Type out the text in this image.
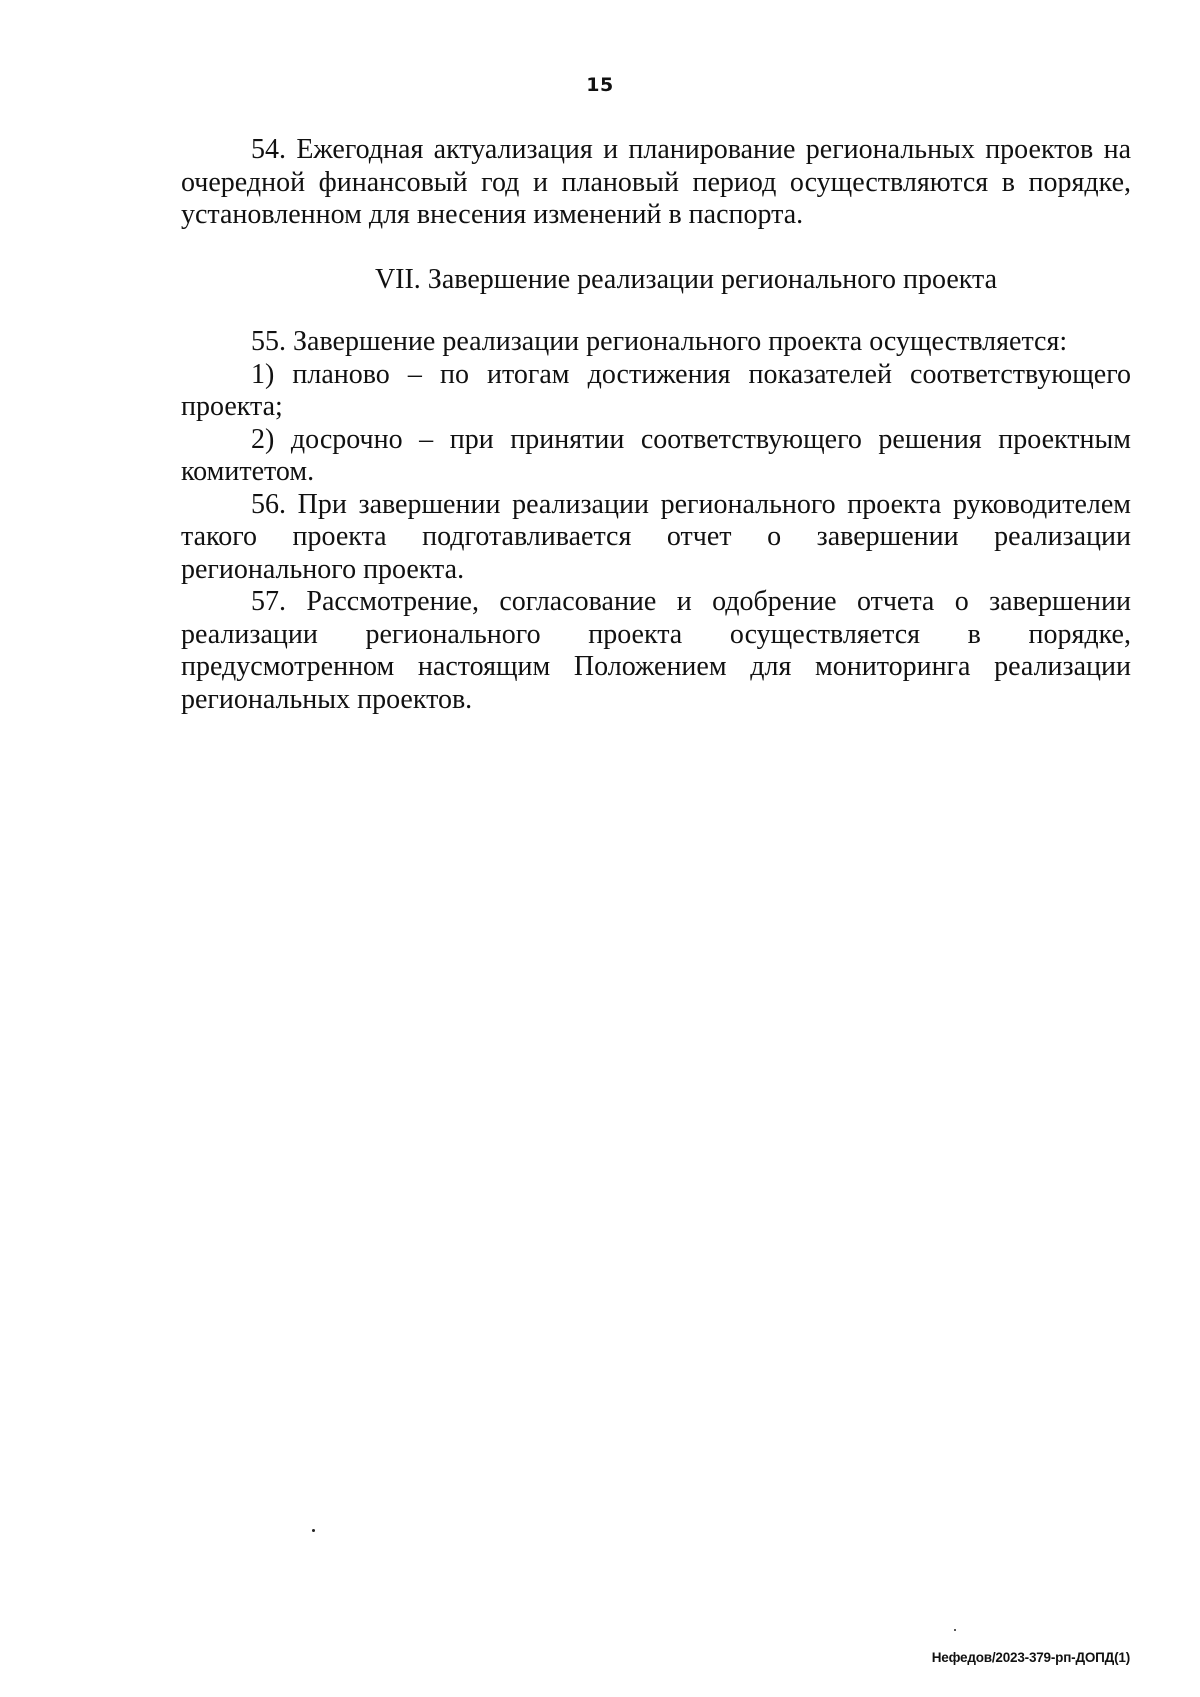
15

54. Ежегодная актуализация и планирование региональных проектов на очередной финансовый год и плановый период осуществляются в порядке, установленном для внесения изменений в паспорта.

VII. Завершение реализации регионального проекта

55. Завершение реализации регионального проекта осуществляется:

1) планово – по итогам достижения показателей соответствующего проекта;

2) досрочно – при принятии соответствующего решения проектным комитетом.

56. При завершении реализации регионального проекта руководителем такого проекта подготавливается отчет о завершении реализации регионального проекта.

57. Рассмотрение, согласование и одобрение отчета о завершении реализации регионального проекта осуществляется в порядке, предусмотренном настоящим Положением для мониторинга реализации региональных проектов.

Нефедов/2023-379-рп-ДОПД(1)
